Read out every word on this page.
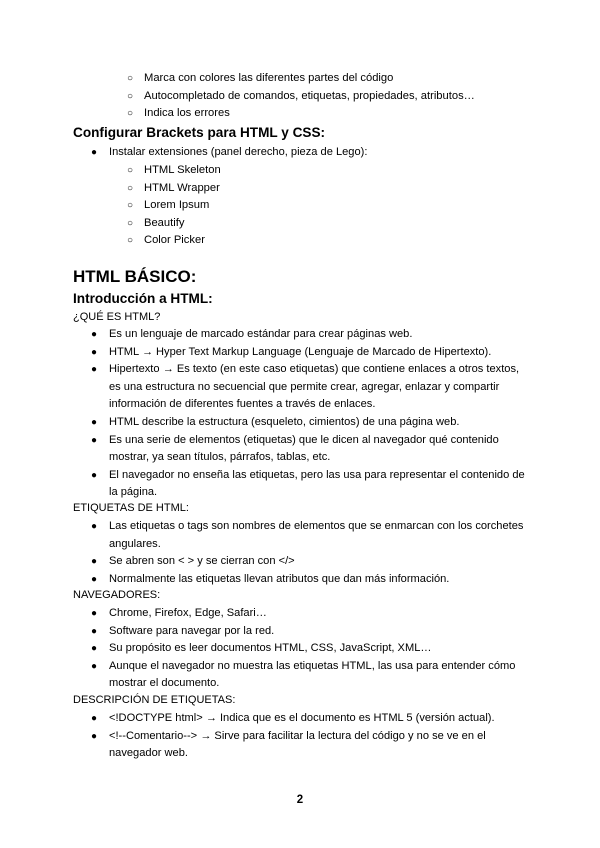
○ Marca con colores las diferentes partes del código
○ Autocompletado de comandos, etiquetas, propiedades, atributos…
○ Indica los errores
Configurar Brackets para HTML y CSS:
● Instalar extensiones (panel derecho, pieza de Lego):
○ HTML Skeleton
○ HTML Wrapper
○ Lorem Ipsum
○ Beautify
○ Color Picker
HTML BÁSICO:
Introducción a HTML:
¿QUÉ ES HTML?
● Es un lenguaje de marcado estándar para crear páginas web.
● HTML → Hyper Text Markup Language (Lenguaje de Marcado de Hipertexto).
● Hipertexto → Es texto (en este caso etiquetas) que contiene enlaces a otros textos, es una estructura no secuencial que permite crear, agregar, enlazar y compartir información de diferentes fuentes a través de enlaces.
● HTML describe la estructura (esqueleto, cimientos) de una página web.
● Es una serie de elementos (etiquetas) que le dicen al navegador qué contenido mostrar, ya sean títulos, párrafos, tablas, etc.
● El navegador no enseña las etiquetas, pero las usa para representar el contenido de la página.
ETIQUETAS DE HTML:
● Las etiquetas o tags son nombres de elementos que se enmarcan con los corchetes angulares.
● Se abren son < > y se cierran con </>
● Normalmente las etiquetas llevan atributos que dan más información.
NAVEGADORES:
● Chrome, Firefox, Edge, Safari…
● Software para navegar por la red.
● Su propósito es leer documentos HTML, CSS, JavaScript, XML…
● Aunque el navegador no muestra las etiquetas HTML, las usa para entender cómo mostrar el documento.
DESCRIPCIÓN DE ETIQUETAS:
● <!DOCTYPE html> → Indica que es el documento es HTML 5 (versión actual).
● <!--Comentario--> → Sirve para facilitar la lectura del código y no se ve en el navegador web.
2
